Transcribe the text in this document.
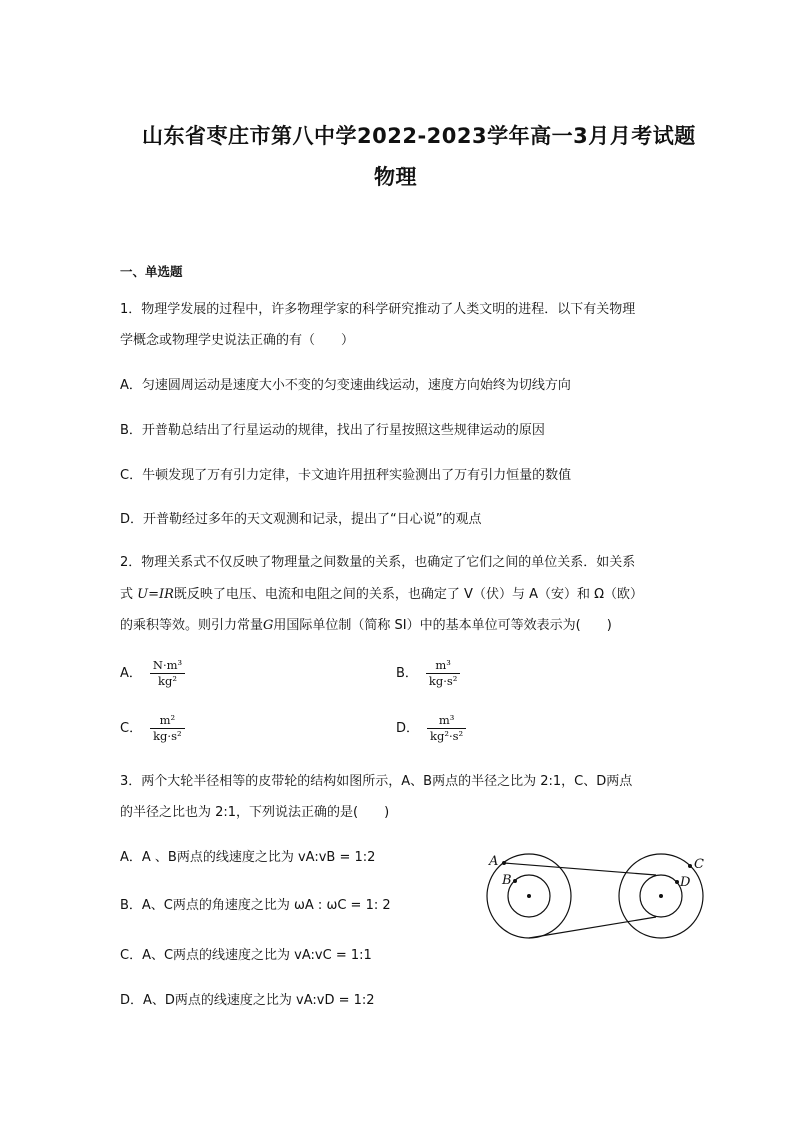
山东省枣庄市第八中学2022-2023学年高一3月月考试题
物理
一、单选题
1．物理学发展的过程中，许多物理学家的科学研究推动了人类文明的进程．以下有关物理
学概念或物理学史说法正确的有（　　）
A．匀速圆周运动是速度大小不变的匀变速曲线运动，速度方向始终为切线方向
B．开普勒总结出了行星运动的规律，找出了行星按照这些规律运动的原因
C．牛顿发现了万有引力定律，卡文迪许用扭秤实验测出了万有引力恒量的数值
D．开普勒经过多年的天文观测和记录，提出了“日心说”的观点
2．物理关系式不仅反映了物理量之间数量的关系，也确定了它们之间的单位关系．如关系
式 U=IR既反映了电压、电流和电阻之间的关系，也确定了 V（伏）与 A（安）和 Ω（欧）
的乘积等效。则引力常量G用国际单位制（简称 SI）中的基本单位可等效表示为(　　)
A． $\frac{\text{N·m³}}{\text{kg²}}$	B． $\frac{\text{m³}}{\text{kg·s²}}$
C． $\frac{\text{m²}}{\text{kg·s²}}$	D． $\frac{\text{m³}}{\text{kg²·s²}}$
3．两个大轮半径相等的皮带轮的结构如图所示，A、B两点的半径之比为 2:1，C、D两点
的半径之比也为 2:1，下列说法正确的是(　　)
A．A 、B两点的线速度之比为 vA:vB = 1:2
B．A、C两点的角速度之比为 ωA : ωC = 1: 2
C．A、C两点的线速度之比为 vA:vC = 1:1
D．A、D两点的线速度之比为 vA:vD = 1:2
A
B
C
D
